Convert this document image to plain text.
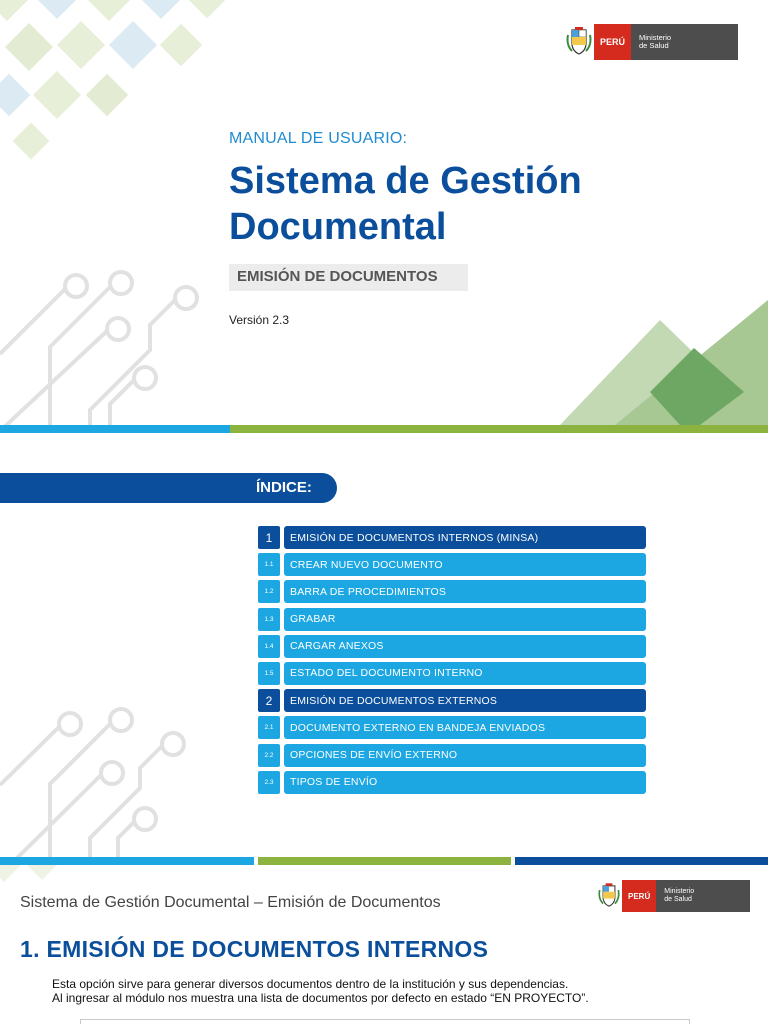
PERÚ	Ministerio
de Salud
MANUAL DE USUARIO:
Sistema de Gestión
Documental
EMISIÓN DE DOCUMENTOS
Versión 2.3
ÍNDICE:
1	EMISIÓN DE DOCUMENTOS INTERNOS (MINSA)
1.1	CREAR NUEVO DOCUMENTO
1.2	BARRA DE PROCEDIMIENTOS
1.3	GRABAR
1.4	CARGAR ANEXOS
1.5	ESTADO DEL DOCUMENTO INTERNO
2	EMISIÓN DE DOCUMENTOS EXTERNOS
2.1	DOCUMENTO EXTERNO EN BANDEJA ENVIADOS
2.2	OPCIONES DE ENVÍO EXTERNO
2.3	TIPOS DE ENVÍO
Sistema de Gestión Documental – Emisión de Documentos	PERÚ	Ministerio
de Salud
1. EMISIÓN DE DOCUMENTOS INTERNOS
Esta opción sirve para generar diversos documentos dentro de la institución y sus dependencias.
Al ingresar al módulo nos muestra una lista de documentos por defecto en estado “EN PROYECTO”.
